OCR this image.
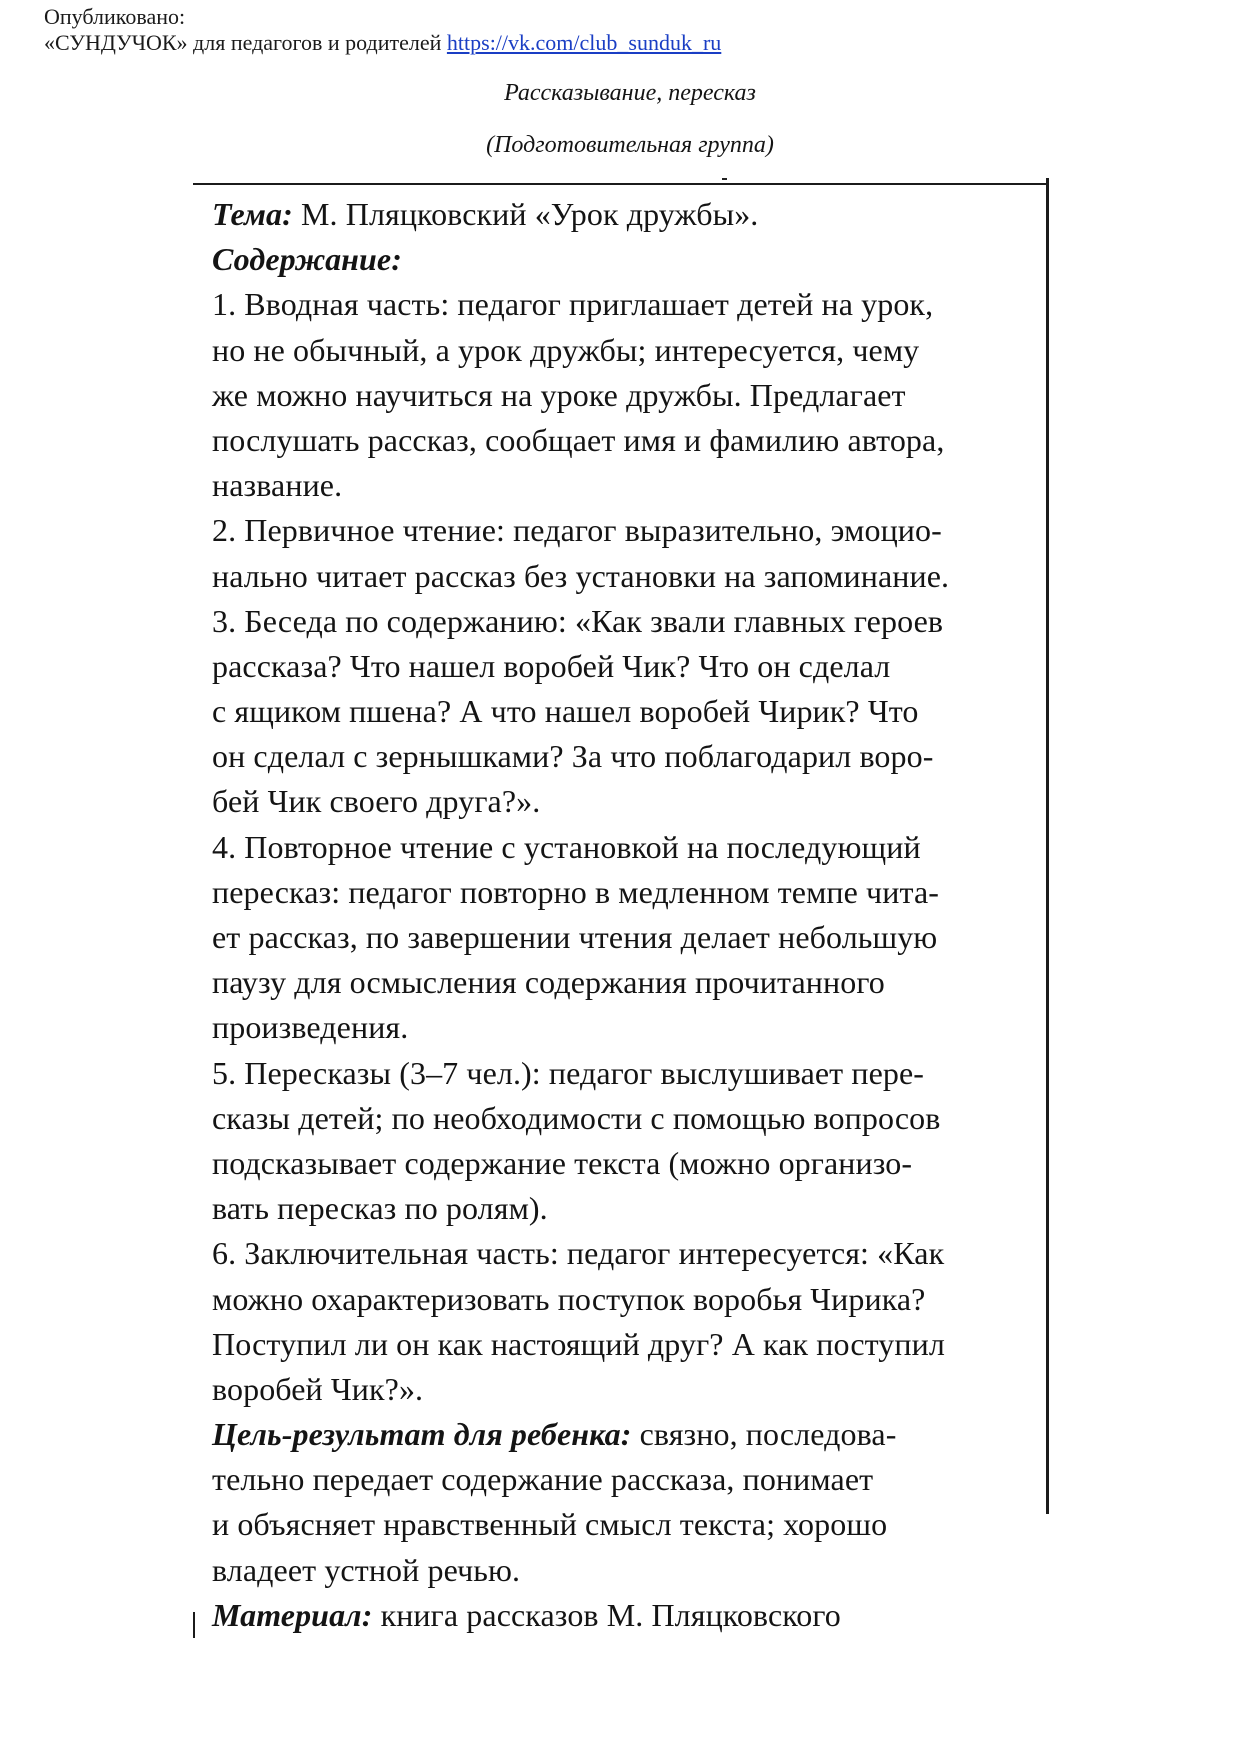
Опубликовано:
«СУНДУЧОК» для педагогов и родителей https://vk.com/club_sunduk_ru
Рассказывание, пересказ
(Подготовительная группа)
Тема: М. Пляцковский «Урок дружбы».
Содержание:
1. Вводная часть: педагог приглашает детей на урок,
но не обычный, а урок дружбы; интересуется, чему
же можно научиться на уроке дружбы. Предлагает
послушать рассказ, сообщает имя и фамилию автора,
название.
2. Первичное чтение: педагог выразительно, эмоцио-
нально читает рассказ без установки на запоминание.
3. Беседа по содержанию: «Как звали главных героев
рассказа? Что нашел воробей Чик? Что он сделал
с ящиком пшена? А что нашел воробей Чирик? Что
он сделал с зернышками? За что поблагодарил воро-
бей Чик своего друга?».
4. Повторное чтение с установкой на последующий
пересказ: педагог повторно в медленном темпе чита-
ет рассказ, по завершении чтения делает небольшую
паузу для осмысления содержания прочитанного
произведения.
5. Пересказы (3–7 чел.): педагог выслушивает пере-
сказы детей; по необходимости с помощью вопросов
подсказывает содержание текста (можно организо-
вать пересказ по ролям).
6. Заключительная часть: педагог интересуется: «Как
можно охарактеризовать поступок воробья Чирика?
Поступил ли он как настоящий друг? А как поступил
воробей Чик?».
Цель-результат для ребенка: связно, последова-
тельно передает содержание рассказа, понимает
и объясняет нравственный смысл текста; хорошо
владеет устной речью.
Материал: книга рассказов М. Пляцковского
